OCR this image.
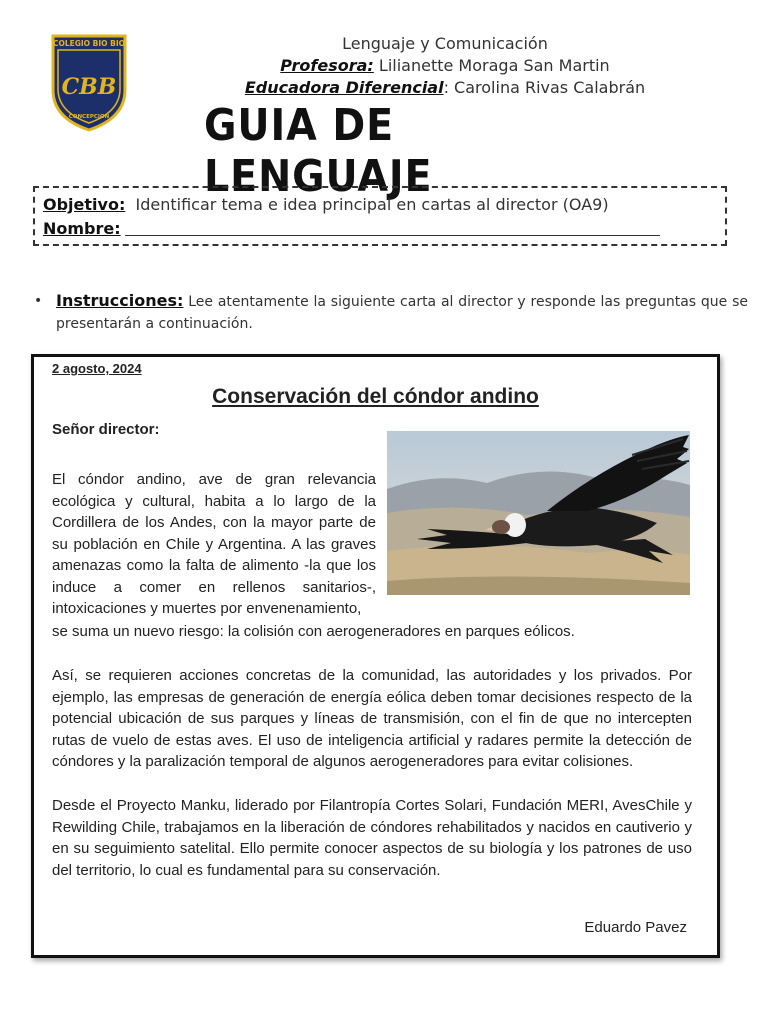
COLEGIO BIO BIO
CBB
CONCEPCION
Lenguaje y Comunicación
Profesora: Lilianette Moraga San Martin
Educadora Diferencial: Carolina Rivas Calabrán
GUIA DE LENGUAJE
Objetivo: Identificar tema e idea principal en cartas al director (OA9)
Nombre:
• Instrucciones: Lee atentamente la siguiente carta al director y responde las preguntas que se presentarán a continuación.
2 agosto, 2024
Conservación del cóndor andino
Señor director:
El cóndor andino, ave de gran relevancia ecológica y cultural, habita a lo largo de la Cordillera de los Andes, con la mayor parte de su población en Chile y Argentina. A las graves amenazas como la falta de alimento -la que los induce a comer en rellenos sanitarios-, intoxicaciones y muertes por envenenamiento,
se suma un nuevo riesgo: la colisión con aerogeneradores en parques eólicos.
Así, se requieren acciones concretas de la comunidad, las autoridades y los privados. Por ejemplo, las empresas de generación de energía eólica deben tomar decisiones respecto de la potencial ubicación de sus parques y líneas de transmisión, con el fin de que no intercepten rutas de vuelo de estas aves. El uso de inteligencia artificial y radares permite la detección de cóndores y la paralización temporal de algunos aerogeneradores para evitar colisiones.
Desde el Proyecto Manku, liderado por Filantropía Cortes Solari, Fundación MERI, AvesChile y Rewilding Chile, trabajamos en la liberación de cóndores rehabilitados y nacidos en cautiverio y en su seguimiento satelital. Ello permite conocer aspectos de su biología y los patrones de uso del territorio, lo cual es fundamental para su conservación.
Eduardo Pavez
